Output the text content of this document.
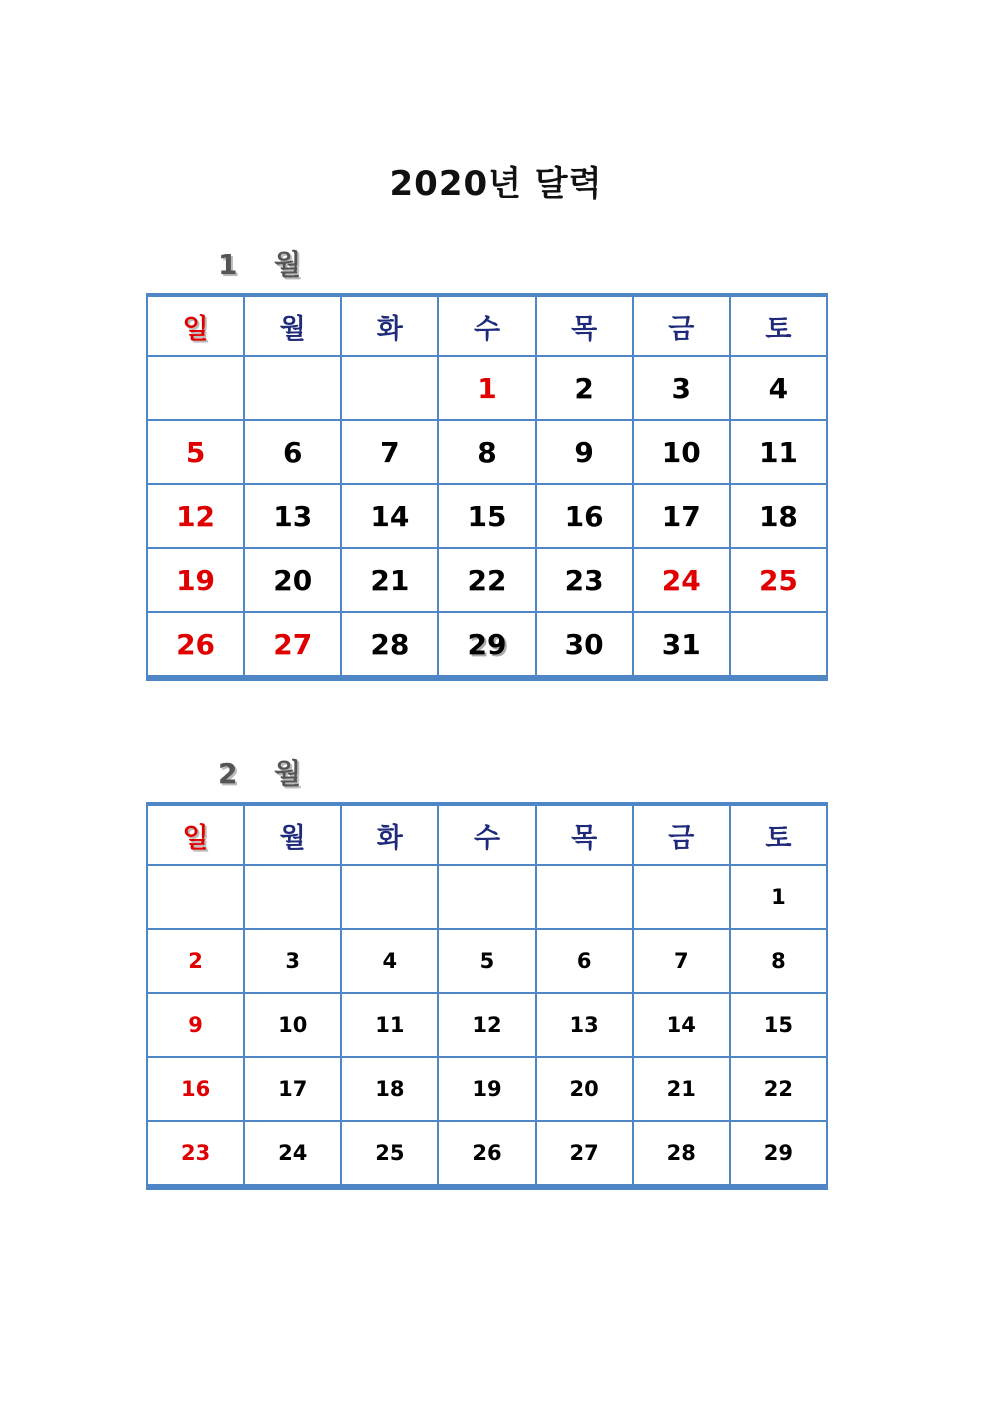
2020년 달력
1 월
일	월	화	수	목	금	토
			1	2	3	4
5	6	7	8	9	10	11
12	13	14	15	16	17	18
19	20	21	22	23	24	25
26	27	28	29	30	31	
2 월
일	월	화	수	목	금	토
						1
2	3	4	5	6	7	8
9	10	11	12	13	14	15
16	17	18	19	20	21	22
23	24	25	26	27	28	29
